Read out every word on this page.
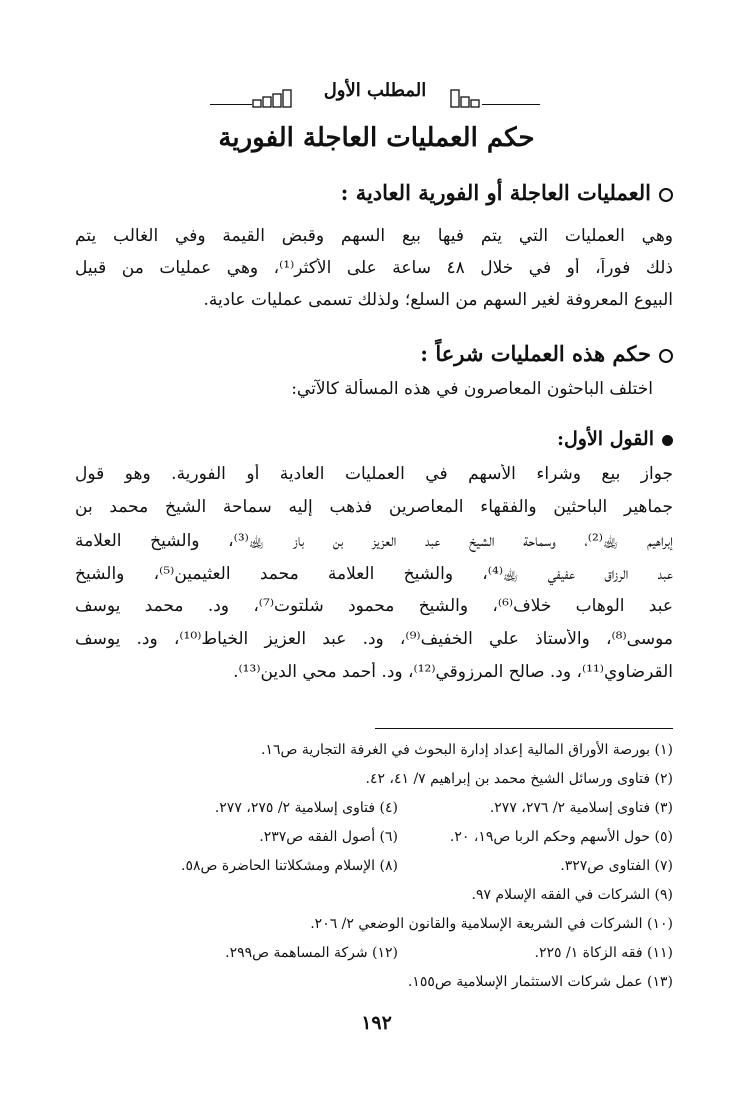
المطلب الأول
حكم العمليات العاجلة الفورية
العمليات العاجلة أو الفورية العادية :
وهي العمليات التي يتم فيها بيع السهم وقبض القيمة وفي الغالب يتم
ذلك فوراً، أو في خلال ٤٨ ساعة على الأكثر⁽¹⁾، وهي عمليات من قبيل
البيوع المعروفة لغير السهم من السلع؛ ولذلك تسمى عمليات عادية.
حكم هذه العمليات شرعاً :
اختلف الباحثون المعاصرون في هذه المسألة كالآتي:
القول الأول:
جواز بيع وشراء الأسهم في العمليات العادية أو الفورية. وهو قول
جماهير الباحثين والفقهاء المعاصرين فذهب إليه سماحة الشيخ محمد بن
إبراهيم ﵀⁽²⁾، وسماحة الشيخ عبد العزيز بن باز ﵀⁽³⁾، والشيخ العلامة
عبد الرزاق عفيفي ﵀⁽⁴⁾، والشيخ العلامة محمد العثيمين⁽⁵⁾، والشيخ
عبد الوهاب خلاف⁽⁶⁾، والشيخ محمود شلتوت⁽⁷⁾، ود. محمد يوسف
موسى⁽⁸⁾، والأستاذ علي الخفيف⁽⁹⁾، ود. عبد العزيز الخياط⁽¹⁰⁾، ود. يوسف
القرضاوي⁽¹¹⁾، ود. صالح المرزوقي⁽¹²⁾، ود. أحمد محي الدين⁽¹³⁾.
(١) بورصة الأوراق المالية إعداد إدارة البحوث في الغرفة التجارية ص١٦.
(٢) فتاوى ورسائل الشيخ محمد بن إبراهيم ٧/ ٤١، ٤٢.
(٣) فتاوى إسلامية ٢/ ٢٧٦، ٢٧٧.
(٤) فتاوى إسلامية ٢/ ٢٧٥، ٢٧٧.
(٥) حول الأسهم وحكم الربا ص١٩، ٢٠.
(٦) أصول الفقه ص٢٣٧.
(٧) الفتاوى ص٣٢٧.
(٨) الإسلام ومشكلاتنا الحاضرة ص٥٨.
(٩) الشركات في الفقه الإسلام ٩٧.
(١٠) الشركات في الشريعة الإسلامية والقانون الوضعي ٢/ ٢٠٦.
(١١) فقه الزكاة ١/ ٢٢٥.
(١٢) شركة المساهمة ص٢٩٩.
(١٣) عمل شركات الاستثمار الإسلامية ص١٥٥.
١٩٢
